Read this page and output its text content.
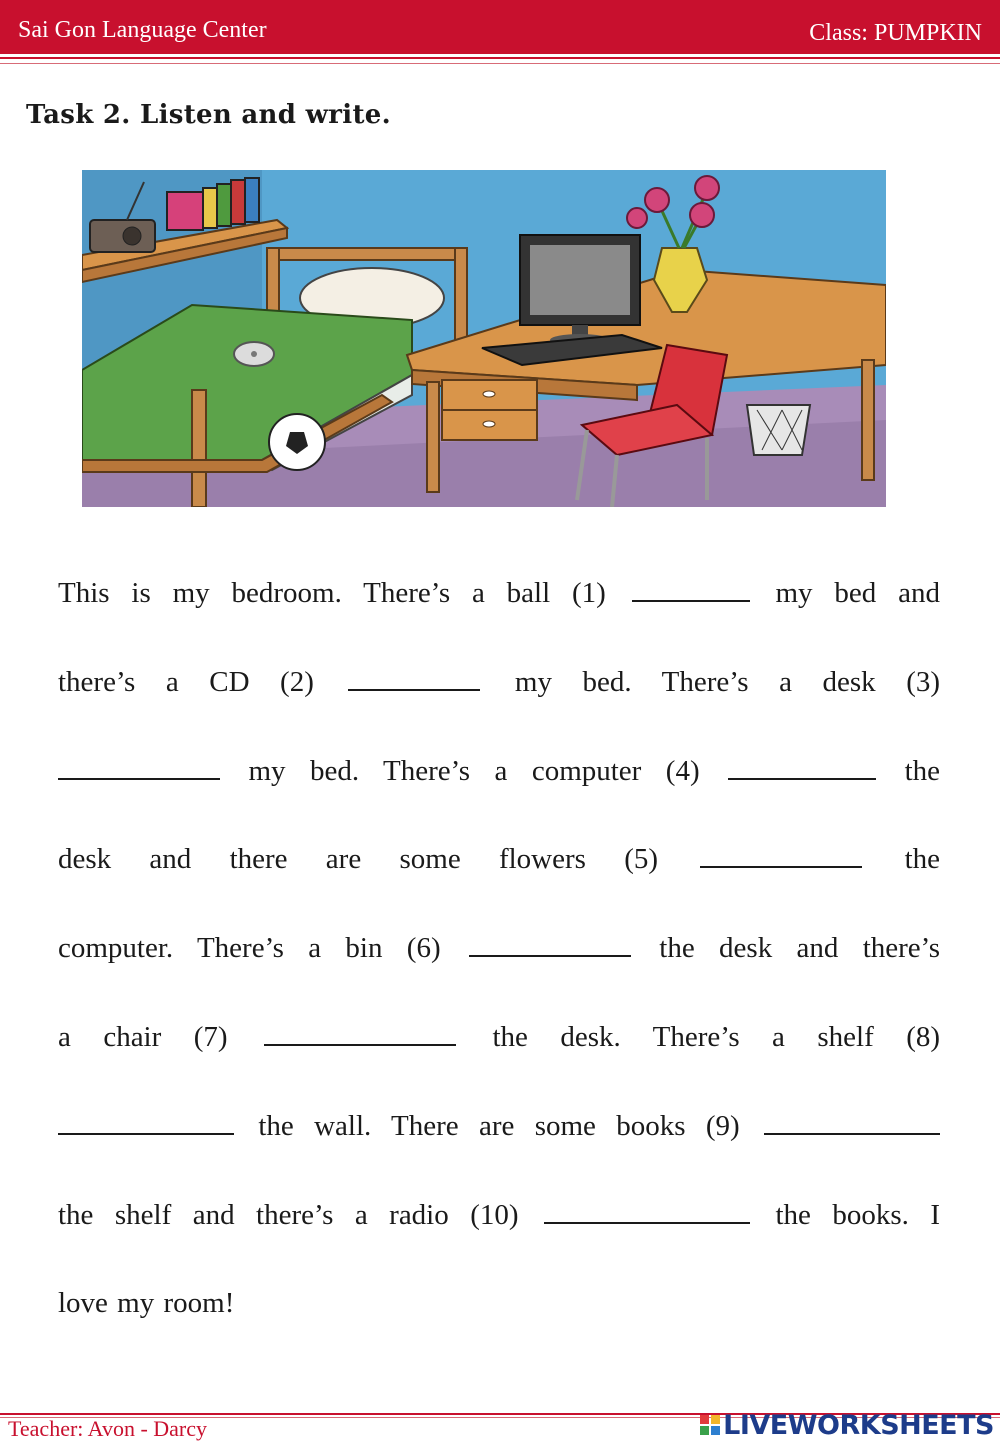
Sai Gon Language Center	Class: PUMPKIN
Task 2. Listen and write.
This is my bedroom. There’s a ball (1)	my bed and
there’s a CD (2)	my bed. There’s a desk (3)
my bed. There’s a computer (4)	the
desk and there are some flowers (5)	the
computer. There’s a bin (6)	the desk and there’s
a chair (7)	the desk. There’s a shelf (8)
the wall. There are some books (9)
the shelf and there’s a radio (10)	the books. I
love my room!
Teacher: Avon - Darcy	LIVEWORKSHEETS
